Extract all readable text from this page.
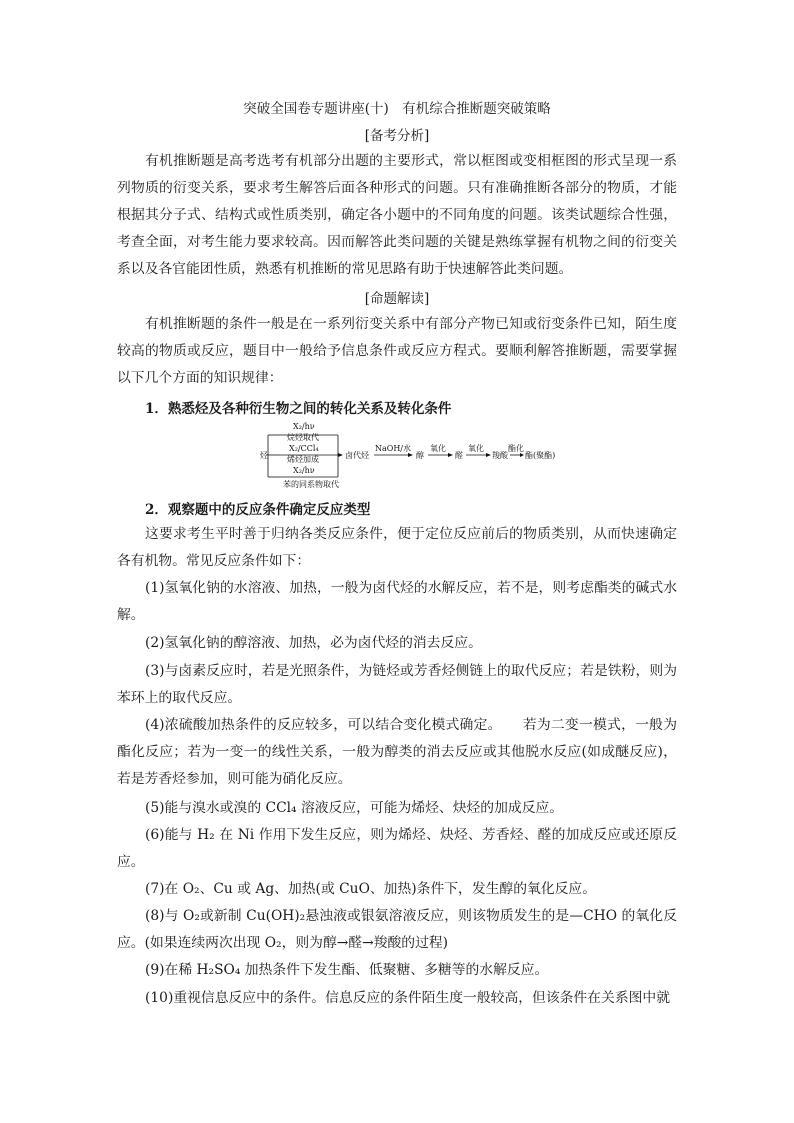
突破全国卷专题讲座(十)　有机综合推断题突破策略
[备考分析]
有机推断题是高考选考有机部分出题的主要形式，常以框图或变相框图的形式呈现一系列物质的衍变关系，要求考生解答后面各种形式的问题。只有准确推断各部分的物质，才能根据其分子式、结构式或性质类别，确定各小题中的不同角度的问题。该类试题综合性强，考查全面，对考生能力要求较高。因而解答此类问题的关键是熟练掌握有机物之间的衍变关系以及各官能团性质，熟悉有机推断的常见思路有助于快速解答此类问题。
[命题解读]
有机推断题的条件一般是在一系列衍变关系中有部分产物已知或衍变条件已知，陌生度较高的物质或反应，题目中一般给予信息条件或反应方程式。要顺利解答推断题，需要掌握以下几个方面的知识规律：
1．熟悉烃及各种衍生物之间的转化关系及转化条件
烃
X₂/hν
烷烃取代
X₂/CCl₄
烯烃加成
X₂/hν
苯的同系物取代
卤代烃
NaOH/水
醇
氧化
醛
氧化
羧酸
酯化
酯(聚酯)
2．观察题中的反应条件确定反应类型
这要求考生平时善于归纳各类反应条件，便于定位反应前后的物质类别，从而快速确定各有机物。常见反应条件如下：
(1)氢氧化钠的水溶液、加热，一般为卤代烃的水解反应，若不是，则考虑酯类的碱式水解。
(2)氢氧化钠的醇溶液、加热，必为卤代烃的消去反应。
(3)与卤素反应时，若是光照条件，为链烃或芳香烃侧链上的取代反应；若是铁粉，则为苯环上的取代反应。
(4)浓硫酸加热条件的反应较多，可以结合变化模式确定。　　若为二变一模式，一般为酯化反应；若为一变一的线性关系，一般为醇类的消去反应或其他脱水反应(如成醚反应)，若是芳香烃参加，则可能为硝化反应。
(5)能与溴水或溴的 CCl₄ 溶液反应，可能为烯烃、炔烃的加成反应。
(6)能与 H₂ 在 Ni 作用下发生反应，则为烯烃、炔烃、芳香烃、醛的加成反应或还原反应。
(7)在 O₂、Cu 或 Ag、加热(或 CuO、加热)条件下，发生醇的氧化反应。
(8)与 O₂或新制 Cu(OH)₂悬浊液或银氨溶液反应，则该物质发生的是—CHO 的氧化反应。(如果连续两次出现 O₂，则为醇→醛→羧酸的过程)
(9)在稀 H₂SO₄ 加热条件下发生酯、低聚糖、多糖等的水解反应。
(10)重视信息反应中的条件。信息反应的条件陌生度一般较高，但该条件在关系图中就
